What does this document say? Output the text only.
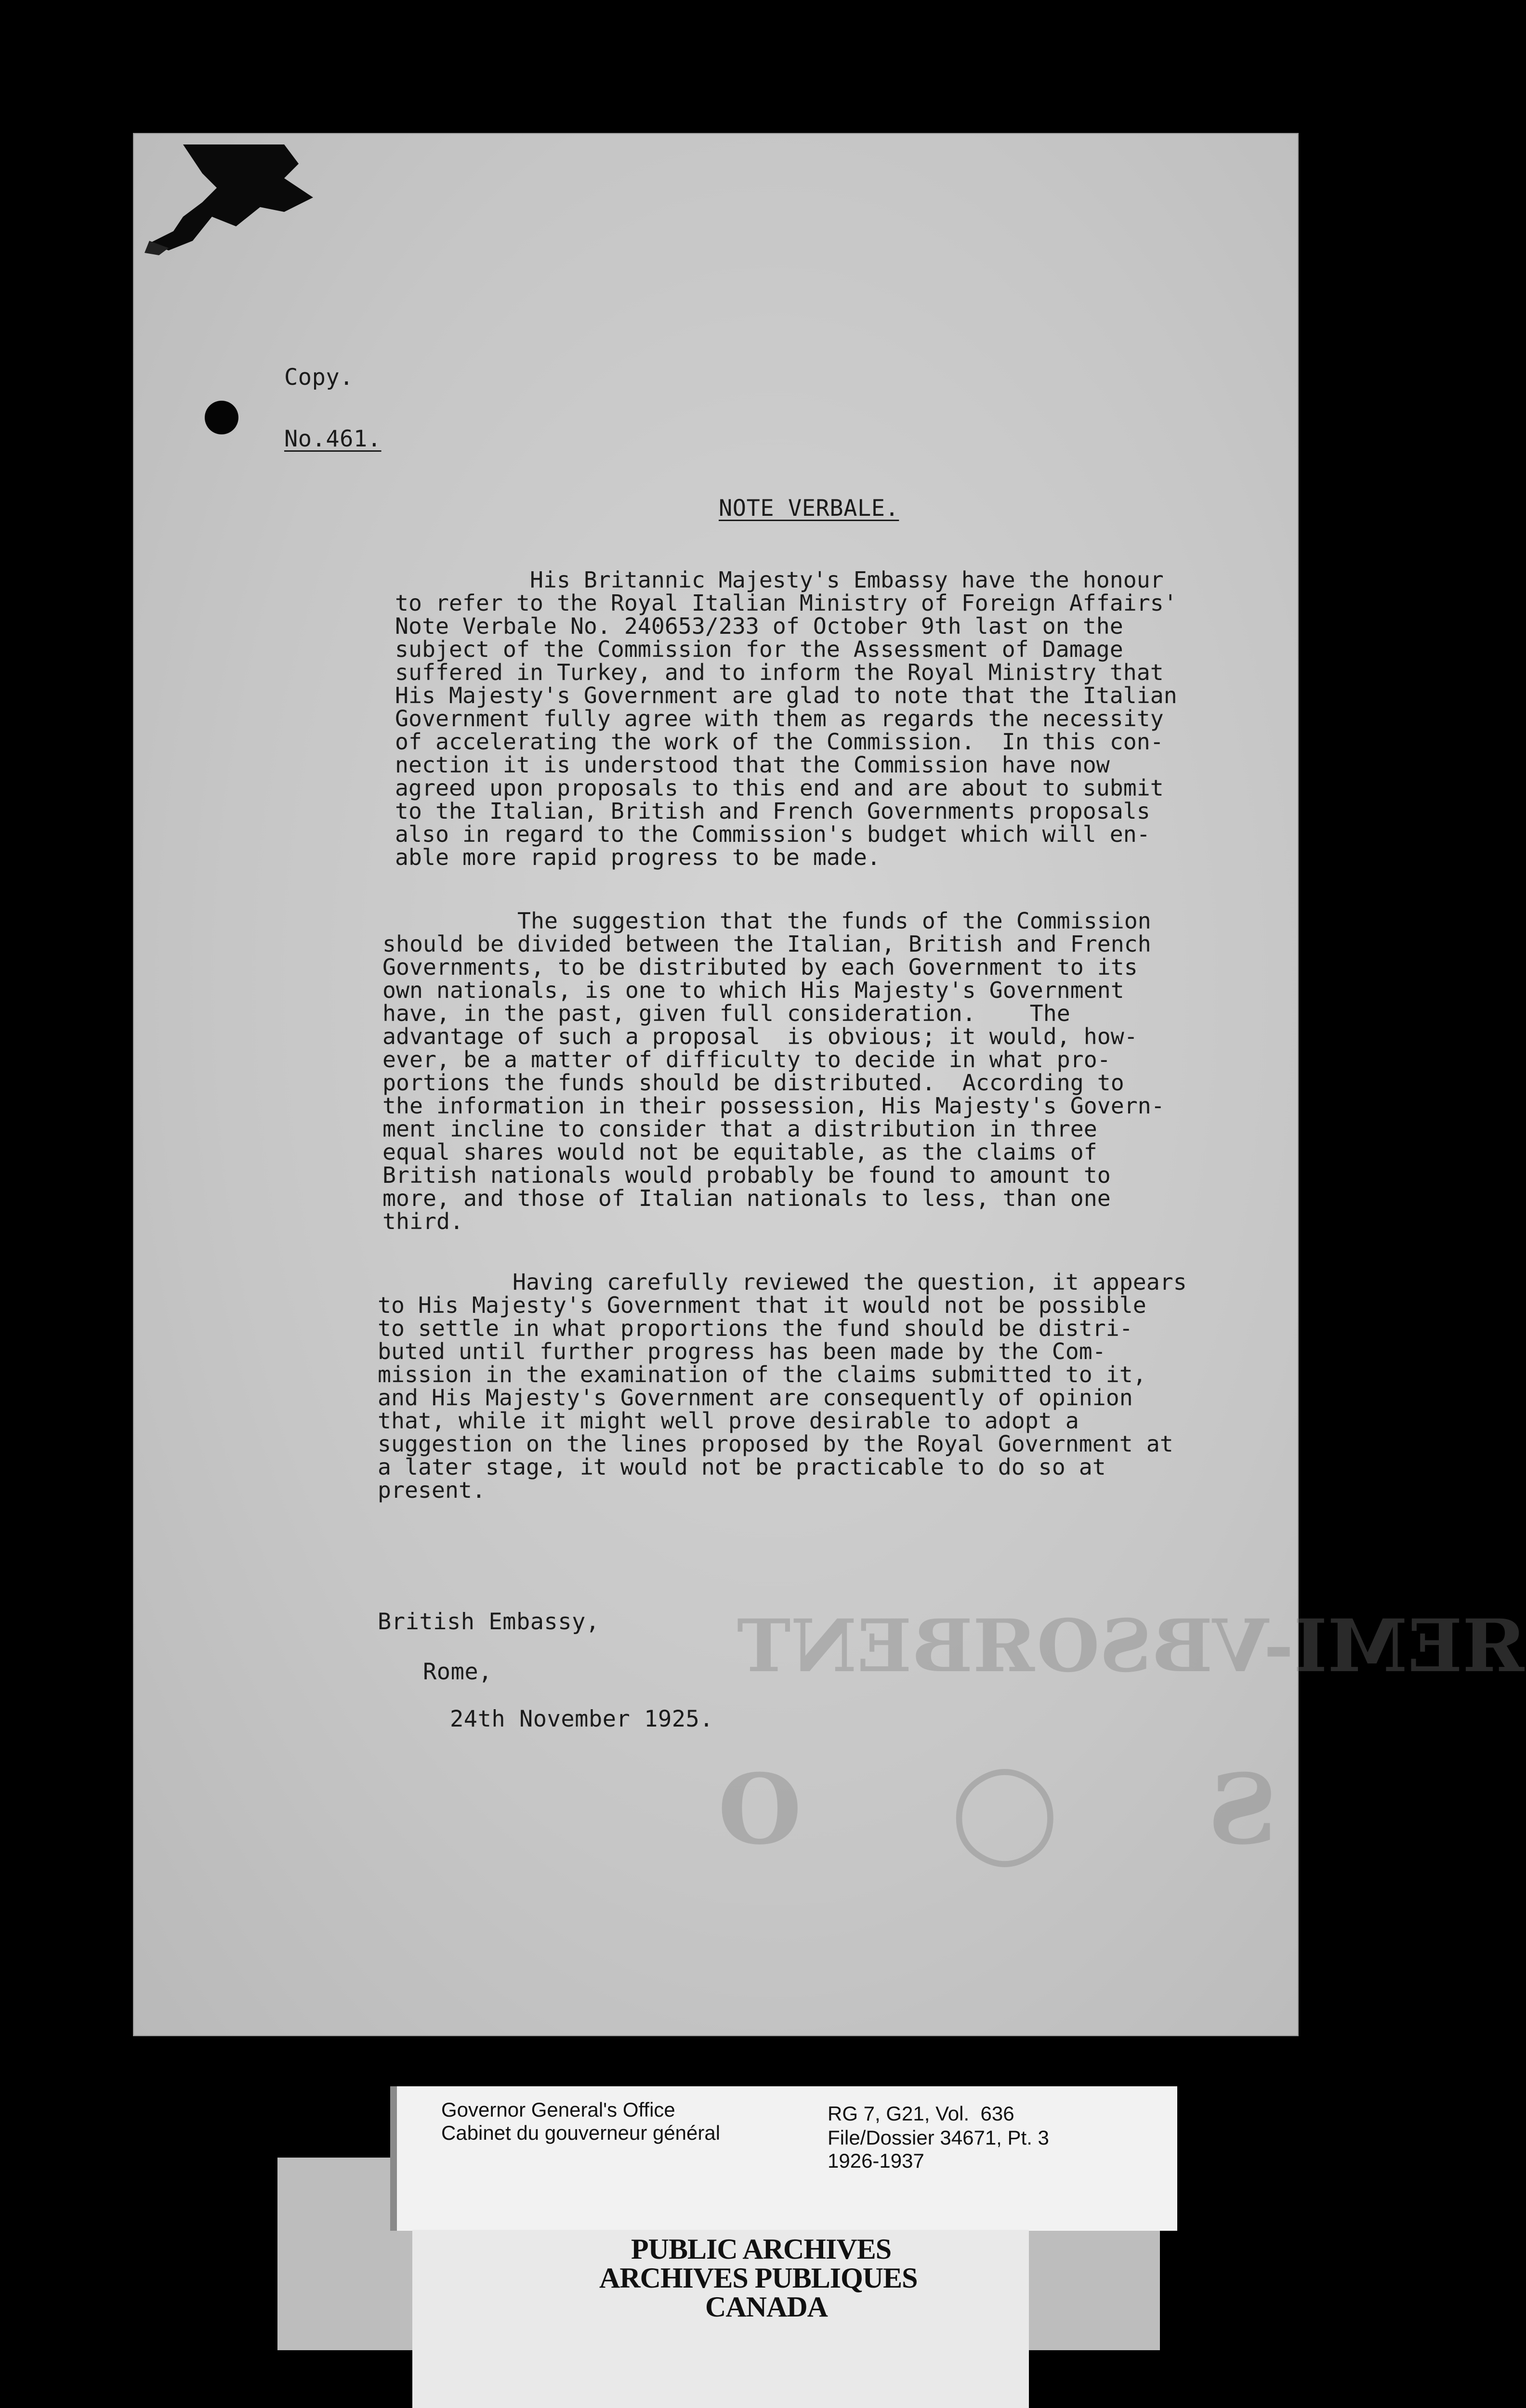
Copy.
No.461.
NOTE VERBALE.
His Britannic Majesty's Embassy have the honour
to refer to the Royal Italian Ministry of Foreign Affairs'
Note Verbale No. 240653/233 of October 9th last on the
subject of the Commission for the Assessment of Damage
suffered in Turkey, and to inform the Royal Ministry that
His Majesty's Government are glad to note that the Italian
Government fully agree with them as regards the necessity
of accelerating the work of the Commission.  In this con-
nection it is understood that the Commission have now
agreed upon proposals to this end and are about to submit
to the Italian, British and French Governments proposals
also in regard to the Commission's budget which will en-
able more rapid progress to be made.
The suggestion that the funds of the Commission
should be divided between the Italian, British and French
Governments, to be distributed by each Government to its
own nationals, is one to which His Majesty's Government
have, in the past, given full consideration.    The
advantage of such a proposal  is obvious; it would, how-
ever, be a matter of difficulty to decide in what pro-
portions the funds should be distributed.  According to
the information in their possession, His Majesty's Govern-
ment incline to consider that a distribution in three
equal shares would not be equitable, as the claims of
British nationals would probably be found to amount to
more, and those of Italian nationals to less, than one
third.
Having carefully reviewed the question, it appears
to His Majesty's Government that it would not be possible
to settle in what proportions the fund should be distri-
buted until further progress has been made by the Com-
mission in the examination of the claims submitted to it,
and His Majesty's Government are consequently of opinion
that, while it might well prove desirable to adopt a
suggestion on the lines proposed by the Royal Government at
a later stage, it would not be practicable to do so at
present.
British Embassy,
Rome,
24th November 1925.
ЯEMI-VBSOЯBENT
S ◯ O
Governor General's Office
Cabinet du gouverneur général
RG 7, G21, Vol.  636
File/Dossier 34671, Pt. 3
1926-1937
PUBLIC ARCHIVES
ARCHIVES PUBLIQUES
CANADA
